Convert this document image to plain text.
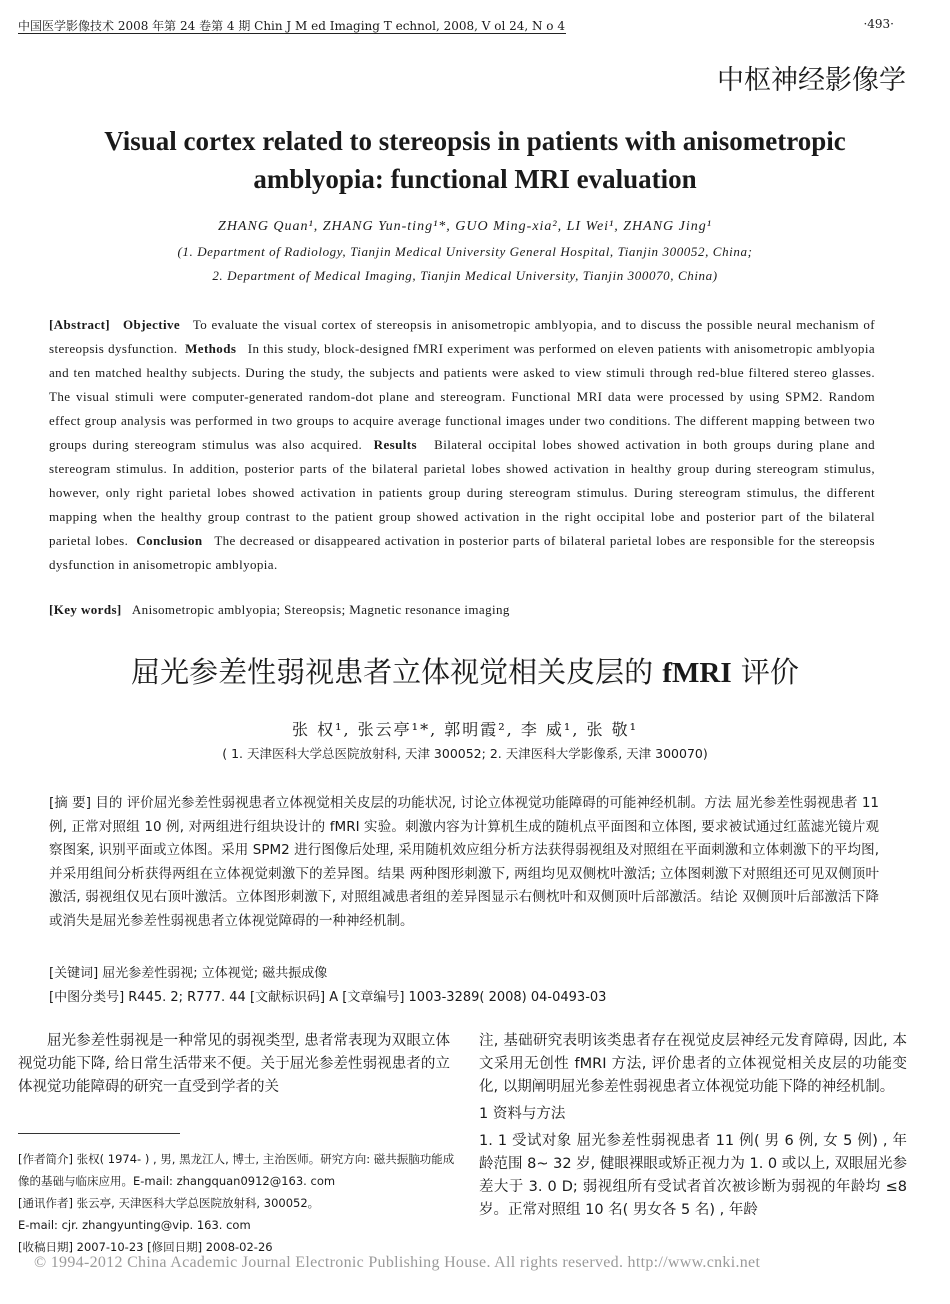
中国医学影像技术 2008 年第 24 卷第 4 期 Chin J M ed Imaging T echnol, 2008, V ol 24, N o 4	·493·
中枢神经影像学
Visual cortex related to stereopsis in patients with anisometropic
amblyopia: functional MRI evaluation
ZHANG Quan¹, ZHANG Yun-ting¹*, GUO Ming-xia², LI Wei¹, ZHANG Jing¹
(1. Department of Radiology, Tianjin Medical University General Hospital, Tianjin 300052, China;
2. Department of Medical Imaging, Tianjin Medical University, Tianjin 300070, China)
[Abstract] Objective To evaluate the visual cortex of stereopsis in anisometropic amblyopia, and to discuss the possible neural mechanism of stereopsis dysfunction. Methods In this study, block-designed fMRI experiment was performed on eleven patients with anisometropic amblyopia and ten matched healthy subjects. During the study, the subjects and patients were asked to view stimuli through red-blue filtered stereo glasses. The visual stimuli were computer-generated random-dot plane and stereogram. Functional MRI data were processed by using SPM2. Random effect group analysis was performed in two groups to acquire average functional images under two conditions. The different mapping between two groups during stereogram stimulus was also acquired. Results Bilateral occipital lobes showed activation in both groups during plane and stereogram stimulus. In addition, posterior parts of the bilateral parietal lobes showed activation in healthy group during stereogram stimulus, however, only right parietal lobes showed activation in patients group during stereogram stimulus. During stereogram stimulus, the different mapping when the healthy group contrast to the patient group showed activation in the right occipital lobe and posterior part of the bilateral parietal lobes. Conclusion The decreased or disappeared activation in posterior parts of bilateral parietal lobes are responsible for the stereopsis dysfunction in anisometropic amblyopia.
[Key words] Anisometropic amblyopia; Stereopsis; Magnetic resonance imaging
屈光参差性弱视患者立体视觉相关皮层的 fMRI 评价
张 权¹, 张云亭¹*, 郭明霞², 李 威¹, 张 敬¹
( 1. 天津医科大学总医院放射科, 天津 300052; 2. 天津医科大学影像系, 天津 300070)
[摘 要] 目的 评价屈光参差性弱视患者立体视觉相关皮层的功能状况, 讨论立体视觉功能障碍的可能神经机制。方法 屈光参差性弱视患者 11 例, 正常对照组 10 例, 对两组进行组块设计的 fMRI 实验。刺激内容为计算机生成的随机点平面图和立体图, 要求被试通过红蓝滤光镜片观察图案, 识别平面或立体图。采用 SPM2 进行图像后处理, 采用随机效应组分析方法获得弱视组及对照组在平面刺激和立体刺激下的平均图, 并采用组间分析获得两组在立体视觉刺激下的差异图。结果 两种图形刺激下, 两组均见双侧枕叶激活; 立体图刺激下对照组还可见双侧顶叶激活, 弱视组仅见右顶叶激活。立体图形刺激下, 对照组减患者组的差异图显示右侧枕叶和双侧顶叶后部激活。结论 双侧顶叶后部激活下降或消失是屈光参差性弱视患者立体视觉障碍的一种神经机制。
[关键词] 屈光参差性弱视; 立体视觉; 磁共振成像
[中图分类号] R445. 2; R777. 44 [文献标识码] A [文章编号] 1003-3289( 2008) 04-0493-03
屈光参差性弱视是一种常见的弱视类型, 患者常表现为双眼立体视觉功能下降, 给日常生活带来不便。关于屈光参差性弱视患者的立体视觉功能障碍的研究一直受到学者的关
[作者简介] 张权( 1974- ) , 男, 黑龙江人, 博士, 主治医师。研究方向: 磁共振脑功能成像的基础与临床应用。E-mail: zhangquan0912@163. com
[通讯作者] 张云亭, 天津医科大学总医院放射科, 300052。
E-mail: cjr. zhangyunting@vip. 163. com
[收稿日期] 2007-10-23 [修回日期] 2008-02-26
注, 基础研究表明该类患者存在视觉皮层神经元发育障碍, 因此, 本文采用无创性 fMRI 方法, 评价患者的立体视觉相关皮层的功能变化, 以期阐明屈光参差性弱视患者立体视觉功能下降的神经机制。
1 资料与方法
1. 1 受试对象 屈光参差性弱视患者 11 例( 男 6 例, 女 5 例) , 年龄范围 8~ 32 岁, 健眼裸眼或矫正视力为 1. 0 或以上, 双眼屈光参差大于 3. 0 D; 弱视组所有受试者首次被诊断为弱视的年龄均 ≤8 岁。正常对照组 10 名( 男女各 5 名) , 年龄
© 1994-2012 China Academic Journal Electronic Publishing House. All rights reserved. http://www.cnki.net
